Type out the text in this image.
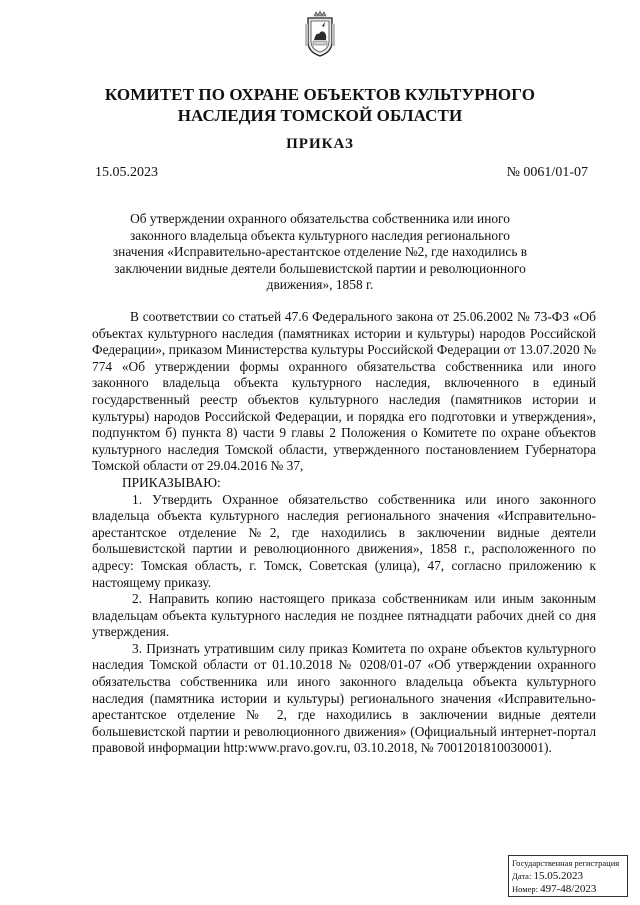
КОМИТЕТ ПО ОХРАНЕ ОБЪЕКТОВ КУЛЬТУРНОГО
НАСЛЕДИЯ ТОМСКОЙ ОБЛАСТИ
ПРИКАЗ
15.05.2023	№ 0061/01-07
Об утверждении охранного обязательства собственника или иного законного владельца объекта культурного наследия регионального значения «Исправительно-арестантское отделение №2, где находились в заключении видные деятели большевистской партии и революционного движения», 1858 г.

В соответствии со статьей 47.6 Федерального закона от 25.06.2002 № 73-ФЗ «Об объектах культурного наследия (памятниках истории и культуры) народов Российской Федерации», приказом Министерства культуры Российской Федерации от 13.07.2020 № 774 «Об утверждении формы охранного обязательства собственника или иного законного владельца объекта культурного наследия, включенного в единый государственный реестр объектов культурного наследия (памятников истории и культуры) народов Российской Федерации, и порядка его подготовки и утверждения», подпунктом б) пункта 8) части 9 главы 2 Положения о Комитете по охране объектов культурного наследия Томской области, утвержденного постановлением Губернатора Томской области от 29.04.2016 № 37,

ПРИКАЗЫВАЮ:

1. Утвердить Охранное обязательство собственника или иного законного владельца объекта культурного наследия регионального значения «Исправительно-арестантское отделение №2, где находились в заключении видные деятели большевистской партии и революционного движения», 1858 г., расположенного по адресу: Томская область, г. Томск, Советская (улица), 47, согласно приложению к настоящему приказу.

2. Направить копию настоящего приказа собственникам или иным законным владельцам объекта культурного наследия не позднее пятнадцати рабочих дней со дня утверждения.

3. Признать утратившим силу приказ Комитета по охране объектов культурного наследия Томской области от 01.10.2018 № 0208/01-07 «Об утверждении охранного обязательства собственника или иного законного владельца объекта культурного наследия (памятника истории и культуры) регионального значения «Исправительно-арестантское отделение № 2, где находились в заключении видные деятели большевистской партии и революционного движения» (Официальный интернет-портал правовой информации http:www.pravo.gov.ru, 03.10.2018, № 7001201810030001).

Государственная регистрация
Дата: 15.05.2023
Номер: 497-48/2023
